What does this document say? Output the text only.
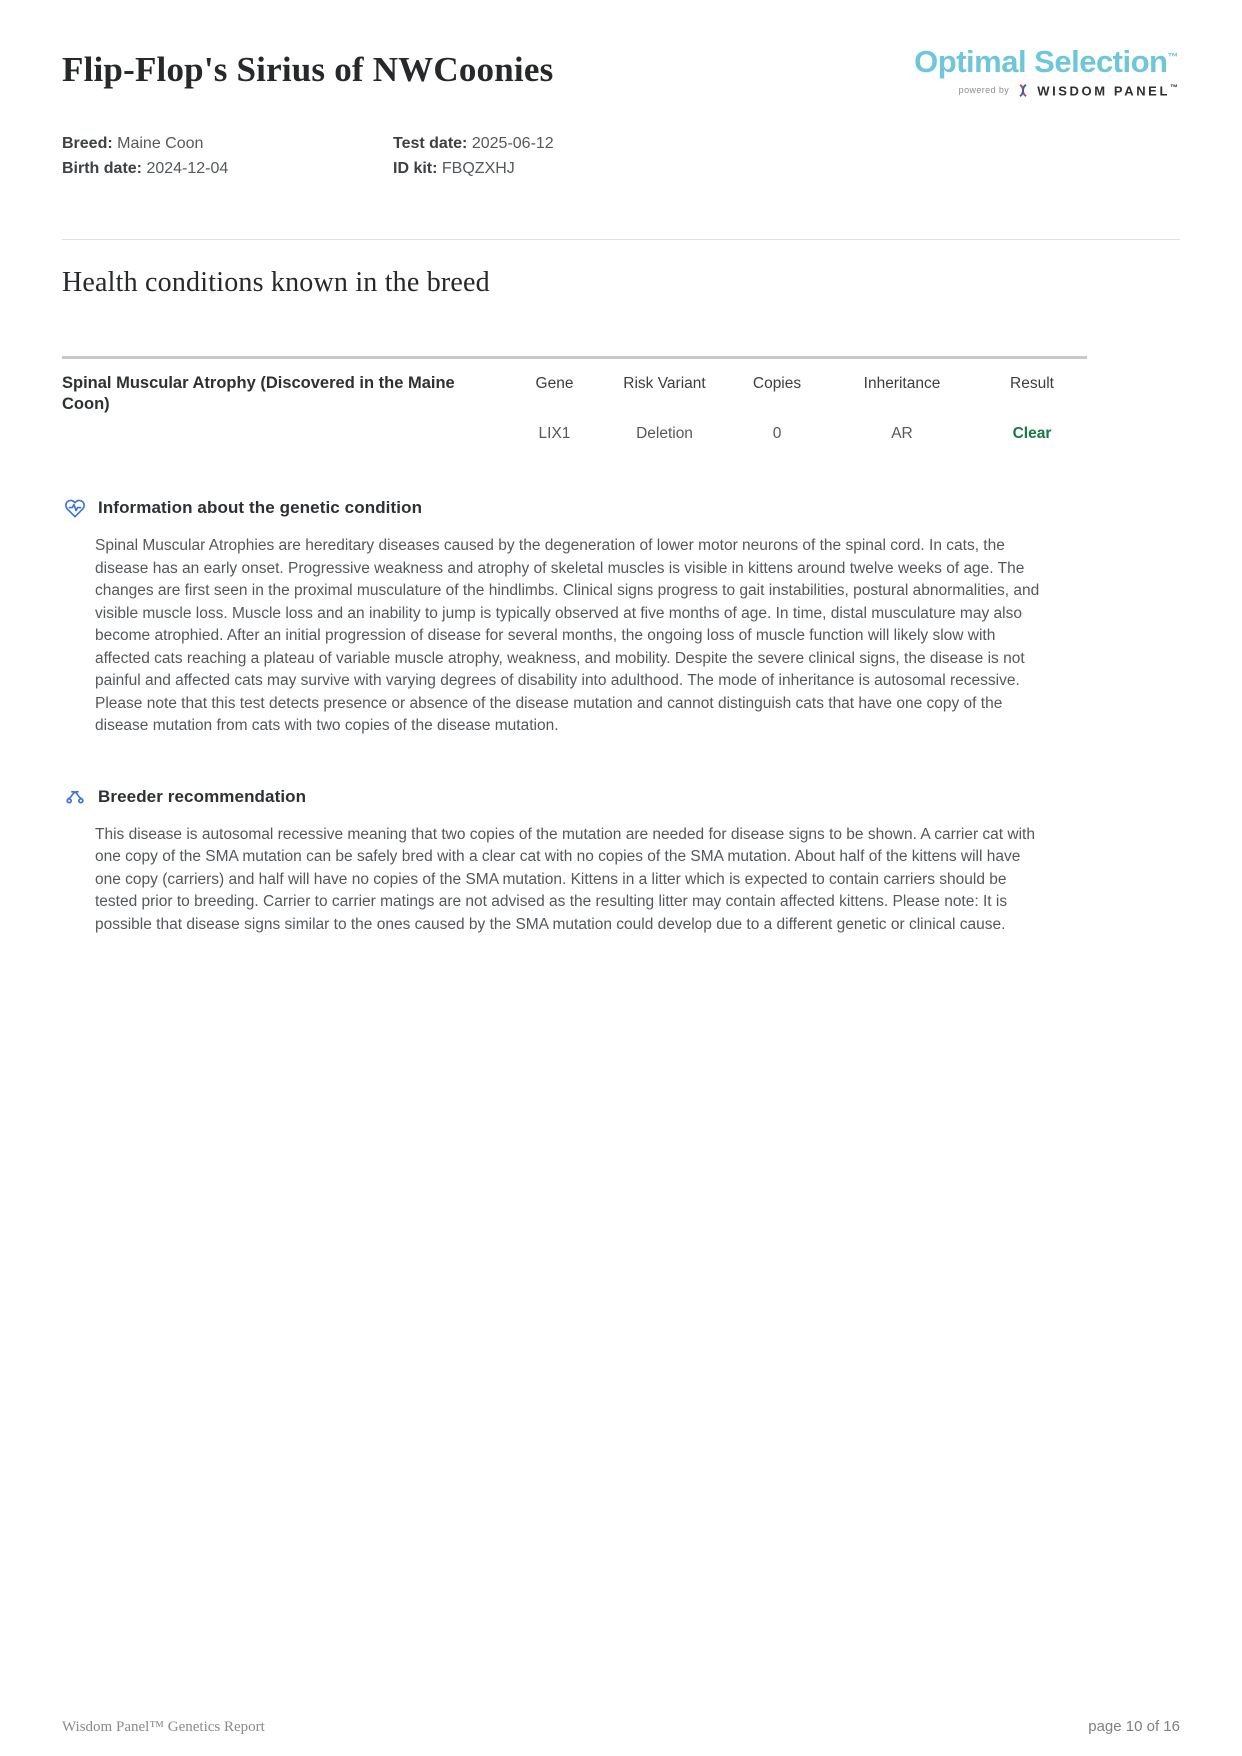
Flip-Flop's Sirius of NWCoonies	Optimal Selection™
powered by WISDOM PANEL™
Breed: Maine Coon
Birth date: 2024-12-04
Test date: 2025-06-12
ID kit: FBQZXHJ
Health conditions known in the breed
Spinal Muscular Atrophy (Discovered in the Maine Coon)
Gene	Risk Variant	Copies	Inheritance	Result
LIX1	Deletion	0	AR	Clear
Information about the genetic condition

Spinal Muscular Atrophies are hereditary diseases caused by the degeneration of lower motor neurons of the spinal cord. In cats, the disease has an early onset. Progressive weakness and atrophy of skeletal muscles is visible in kittens around twelve weeks of age. The changes are first seen in the proximal musculature of the hindlimbs. Clinical signs progress to gait instabilities, postural abnormalities, and visible muscle loss. Muscle loss and an inability to jump is typically observed at five months of age. In time, distal musculature may also become atrophied. After an initial progression of disease for several months, the ongoing loss of muscle function will likely slow with affected cats reaching a plateau of variable muscle atrophy, weakness, and mobility. Despite the severe clinical signs, the disease is not painful and affected cats may survive with varying degrees of disability into adulthood. The mode of inheritance is autosomal recessive. Please note that this test detects presence or absence of the disease mutation and cannot distinguish cats that have one copy of the disease mutation from cats with two copies of the disease mutation.

Breeder recommendation

This disease is autosomal recessive meaning that two copies of the mutation are needed for disease signs to be shown. A carrier cat with one copy of the SMA mutation can be safely bred with a clear cat with no copies of the SMA mutation. About half of the kittens will have one copy (carriers) and half will have no copies of the SMA mutation. Kittens in a litter which is expected to contain carriers should be tested prior to breeding. Carrier to carrier matings are not advised as the resulting litter may contain affected kittens. Please note: It is possible that disease signs similar to the ones caused by the SMA mutation could develop due to a different genetic or clinical cause.

Wisdom Panel™ Genetics Report	page 10 of 16
